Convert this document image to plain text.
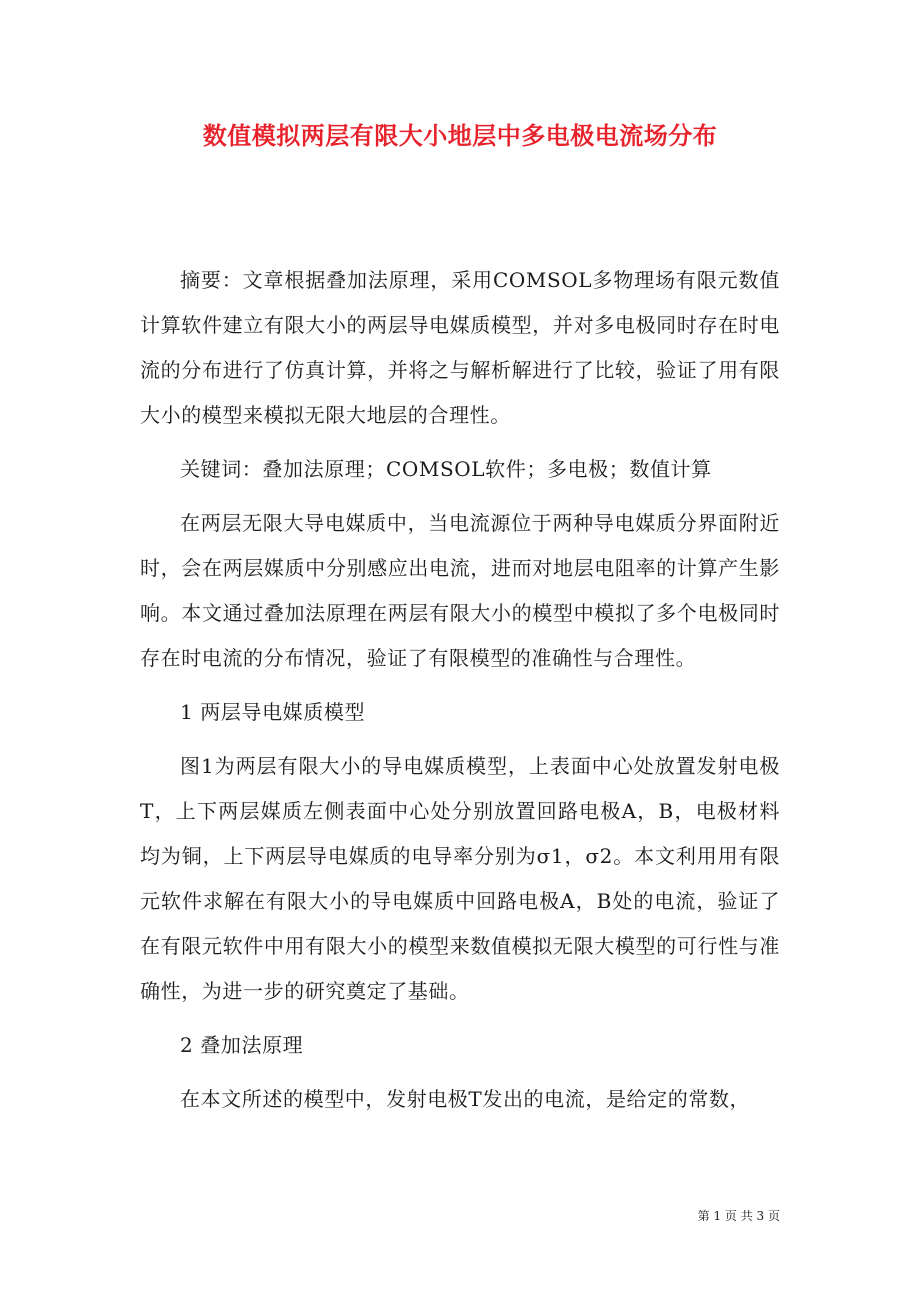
数值模拟两层有限大小地层中多电极电流场分布

摘要：文章根据叠加法原理，采用COMSOL多物理场有限元数值计算软件建立有限大小的两层导电媒质模型，并对多电极同时存在时电流的分布进行了仿真计算，并将之与解析解进行了比较，验证了用有限大小的模型来模拟无限大地层的合理性。

关键词：叠加法原理；COMSOL软件；多电极；数值计算

在两层无限大导电媒质中，当电流源位于两种导电媒质分界面附近时，会在两层媒质中分别感应出电流，进而对地层电阻率的计算产生影响。本文通过叠加法原理在两层有限大小的模型中模拟了多个电极同时存在时电流的分布情况，验证了有限模型的准确性与合理性。

1 两层导电媒质模型

图1为两层有限大小的导电媒质模型，上表面中心处放置发射电极T，上下两层媒质左侧表面中心处分别放置回路电极A，B，电极材料均为铜，上下两层导电媒质的电导率分别为σ1，σ2。本文利用用有限元软件求解在有限大小的导电媒质中回路电极A，B处的电流，验证了在有限元软件中用有限大小的模型来数值模拟无限大模型的可行性与准确性，为进一步的研究奠定了基础。

2 叠加法原理

在本文所述的模型中，发射电极T发出的电流，是给定的常数，

第 1 页 共 3 页
